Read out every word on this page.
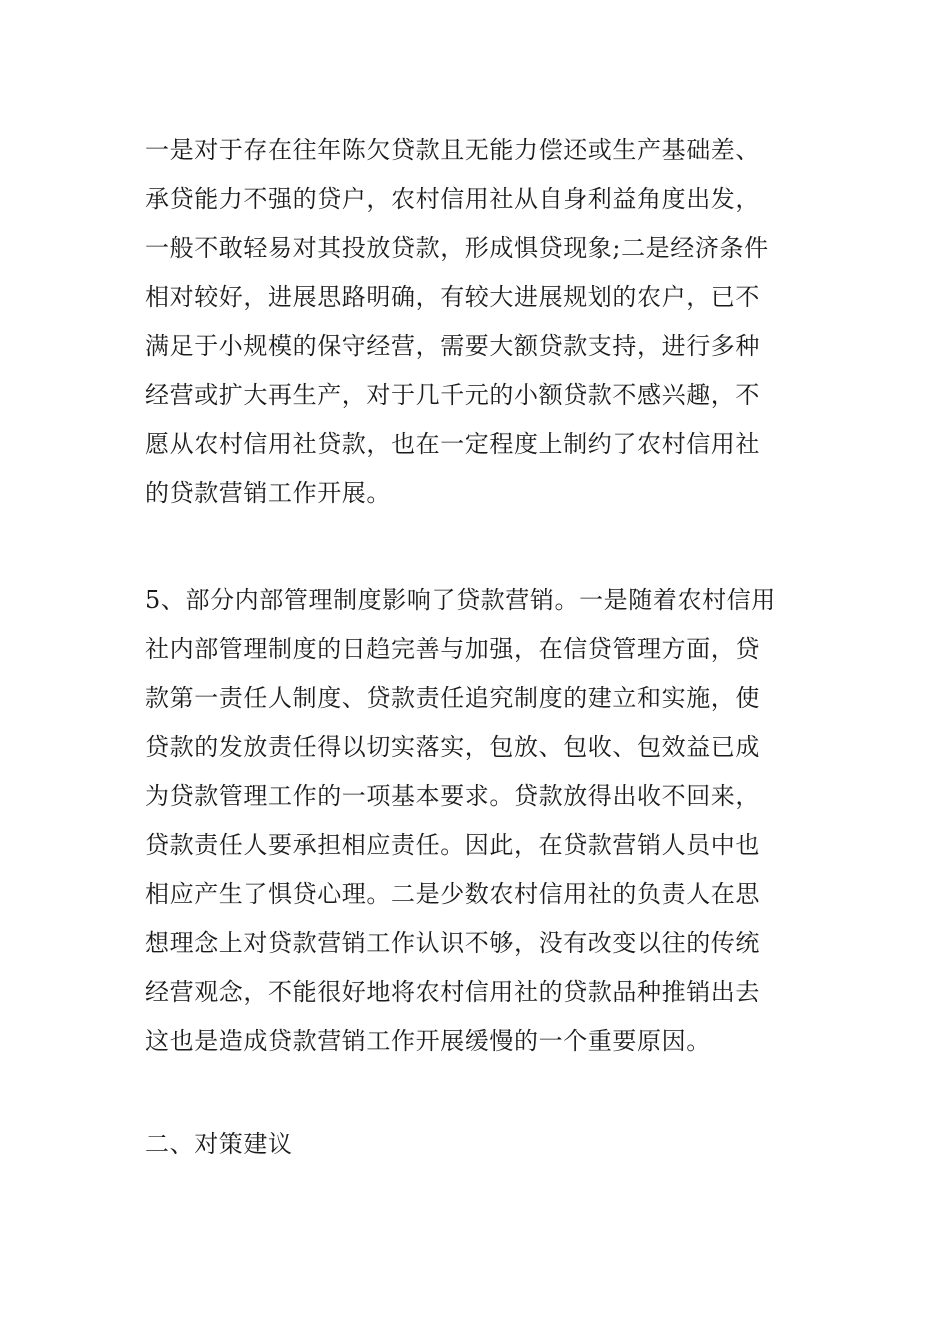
一是对于存在往年陈欠贷款且无能力偿还或生产基础差、
承贷能力不强的贷户，农村信用社从自身利益角度出发，
一般不敢轻易对其投放贷款，形成惧贷现象;二是经济条件
相对较好，进展思路明确，有较大进展规划的农户，已不
满足于小规模的保守经营，需要大额贷款支持，进行多种
经营或扩大再生产，对于几千元的小额贷款不感兴趣，不
愿从农村信用社贷款，也在一定程度上制约了农村信用社
的贷款营销工作开展。
5、部分内部管理制度影响了贷款营销。一是随着农村信用
社内部管理制度的日趋完善与加强，在信贷管理方面，贷
款第一责任人制度、贷款责任追究制度的建立和实施，使
贷款的发放责任得以切实落实，包放、包收、包效益已成
为贷款管理工作的一项基本要求。贷款放得出收不回来，
贷款责任人要承担相应责任。因此，在贷款营销人员中也
相应产生了惧贷心理。二是少数农村信用社的负责人在思
想理念上对贷款营销工作认识不够，没有改变以往的传统
经营观念，不能很好地将农村信用社的贷款品种推销出去
这也是造成贷款营销工作开展缓慢的一个重要原因。
二、对策建议
